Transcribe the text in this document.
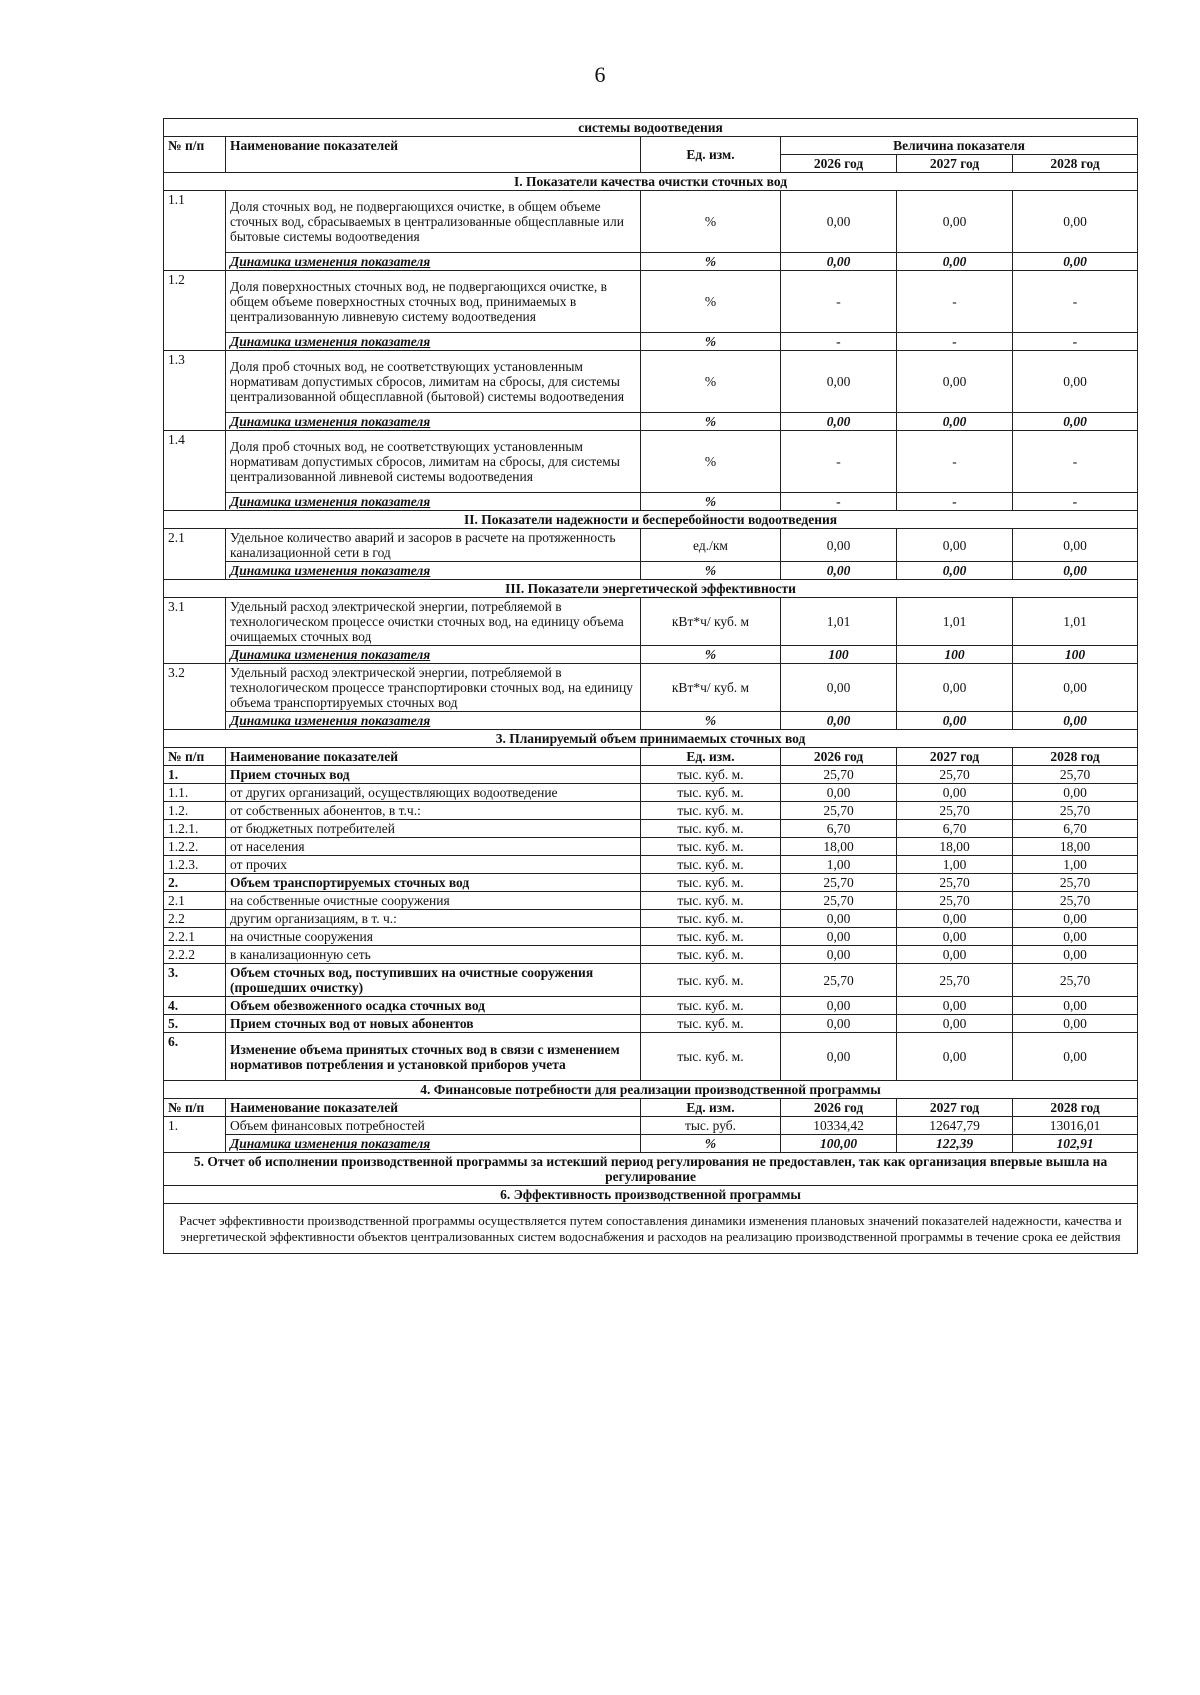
6
системы водоотведения					
№ п/п	Наименование показателей	Ед. изм.	Величина показателя		
			2026 год	2027 год	2028 год
I. Показатели качества очистки сточных вод					
1.1	Доля сточных вод, не подвергающихся очистке, в общем объеме сточных вод, сбрасываемых в централизованные общесплавные или бытовые системы водоотведения	%	0,00	0,00	0,00
	Динамика изменения показателя	%	0,00	0,00	0,00
1.2	Доля поверхностных сточных вод, не подвергающихся очистке, в общем объеме поверхностных сточных вод, принимаемых в централизованную ливневую систему водоотведения	%	-	-	-
	Динамика изменения показателя	%	-	-	-
1.3	Доля проб сточных вод, не соответствующих установленным нормативам допустимых сбросов, лимитам на сбросы, для системы централизованной общесплавной (бытовой) системы водоотведения	%	0,00	0,00	0,00
	Динамика изменения показателя	%	0,00	0,00	0,00
1.4	Доля проб сточных вод, не соответствующих установленным нормативам допустимых сбросов, лимитам на сбросы, для системы централизованной ливневой системы водоотведения	%	-	-	-
	Динамика изменения показателя	%	-	-	-
II. Показатели надежности и бесперебойности водоотведения					
2.1	Удельное количество аварий и засоров в расчете на протяженность канализационной сети в год	ед./км	0,00	0,00	0,00
	Динамика изменения показателя	%	0,00	0,00	0,00
III. Показатели энергетической эффективности					
3.1	Удельный расход электрической энергии, потребляемой в технологическом процессе очистки сточных вод, на единицу объема очищаемых сточных вод	кВт*ч/ куб. м	1,01	1,01	1,01
	Динамика изменения показателя	%	100	100	100
3.2	Удельный расход электрической энергии, потребляемой в технологическом процессе транспортировки сточных вод, на единицу объема транспортируемых сточных вод	кВт*ч/ куб. м	0,00	0,00	0,00
	Динамика изменения показателя	%	0,00	0,00	0,00
3. Планируемый объем принимаемых сточных вод					
№ п/п	Наименование показателей	Ед. изм.	2026 год	2027 год	2028 год
1.	Прием сточных вод	тыс. куб. м.	25,70	25,70	25,70
1.1.	от других организаций, осуществляющих водоотведение	тыс. куб. м.	0,00	0,00	0,00
1.2.	от собственных абонентов, в т.ч.:	тыс. куб. м.	25,70	25,70	25,70
1.2.1.	от бюджетных потребителей	тыс. куб. м.	6,70	6,70	6,70
1.2.2.	от населения	тыс. куб. м.	18,00	18,00	18,00
1.2.3.	от прочих	тыс. куб. м.	1,00	1,00	1,00
2.	Объем транспортируемых сточных вод	тыс. куб. м.	25,70	25,70	25,70
2.1	на собственные очистные сооружения	тыс. куб. м.	25,70	25,70	25,70
2.2	другим организациям, в т. ч.:	тыс. куб. м.	0,00	0,00	0,00
2.2.1	на очистные сооружения	тыс. куб. м.	0,00	0,00	0,00
2.2.2	в канализационную сеть	тыс. куб. м.	0,00	0,00	0,00
3.	Объем сточных вод, поступивших на очистные сооружения (прошедших очистку)	тыс. куб. м.	25,70	25,70	25,70
4.	Объем обезвоженного осадка сточных вод	тыс. куб. м.	0,00	0,00	0,00
5.	Прием сточных вод от новых абонентов	тыс. куб. м.	0,00	0,00	0,00
6.	Изменение объема принятых сточных вод в связи с изменением нормативов потребления и установкой приборов учета	тыс. куб. м.	0,00	0,00	0,00
4. Финансовые потребности для реализации производственной программы					
№ п/п	Наименование показателей	Ед. изм.	2026 год	2027 год	2028 год
1.	Объем финансовых потребностей	тыс. руб.	10334,42	12647,79	13016,01
	Динамика изменения показателя	%	100,00	122,39	102,91
5. Отчет об исполнении производственной программы за истекший период регулирования не предоставлен, так как организация впервые вышла на регулирование					
6. Эффективность производственной программы					
Расчет эффективности производственной программы осуществляется путем сопоставления динамики изменения плановых значений показателей надежности, качества и энергетической эффективности объектов централизованных систем водоснабжения и расходов на реализацию производственной программы в течение срока ее действия					
